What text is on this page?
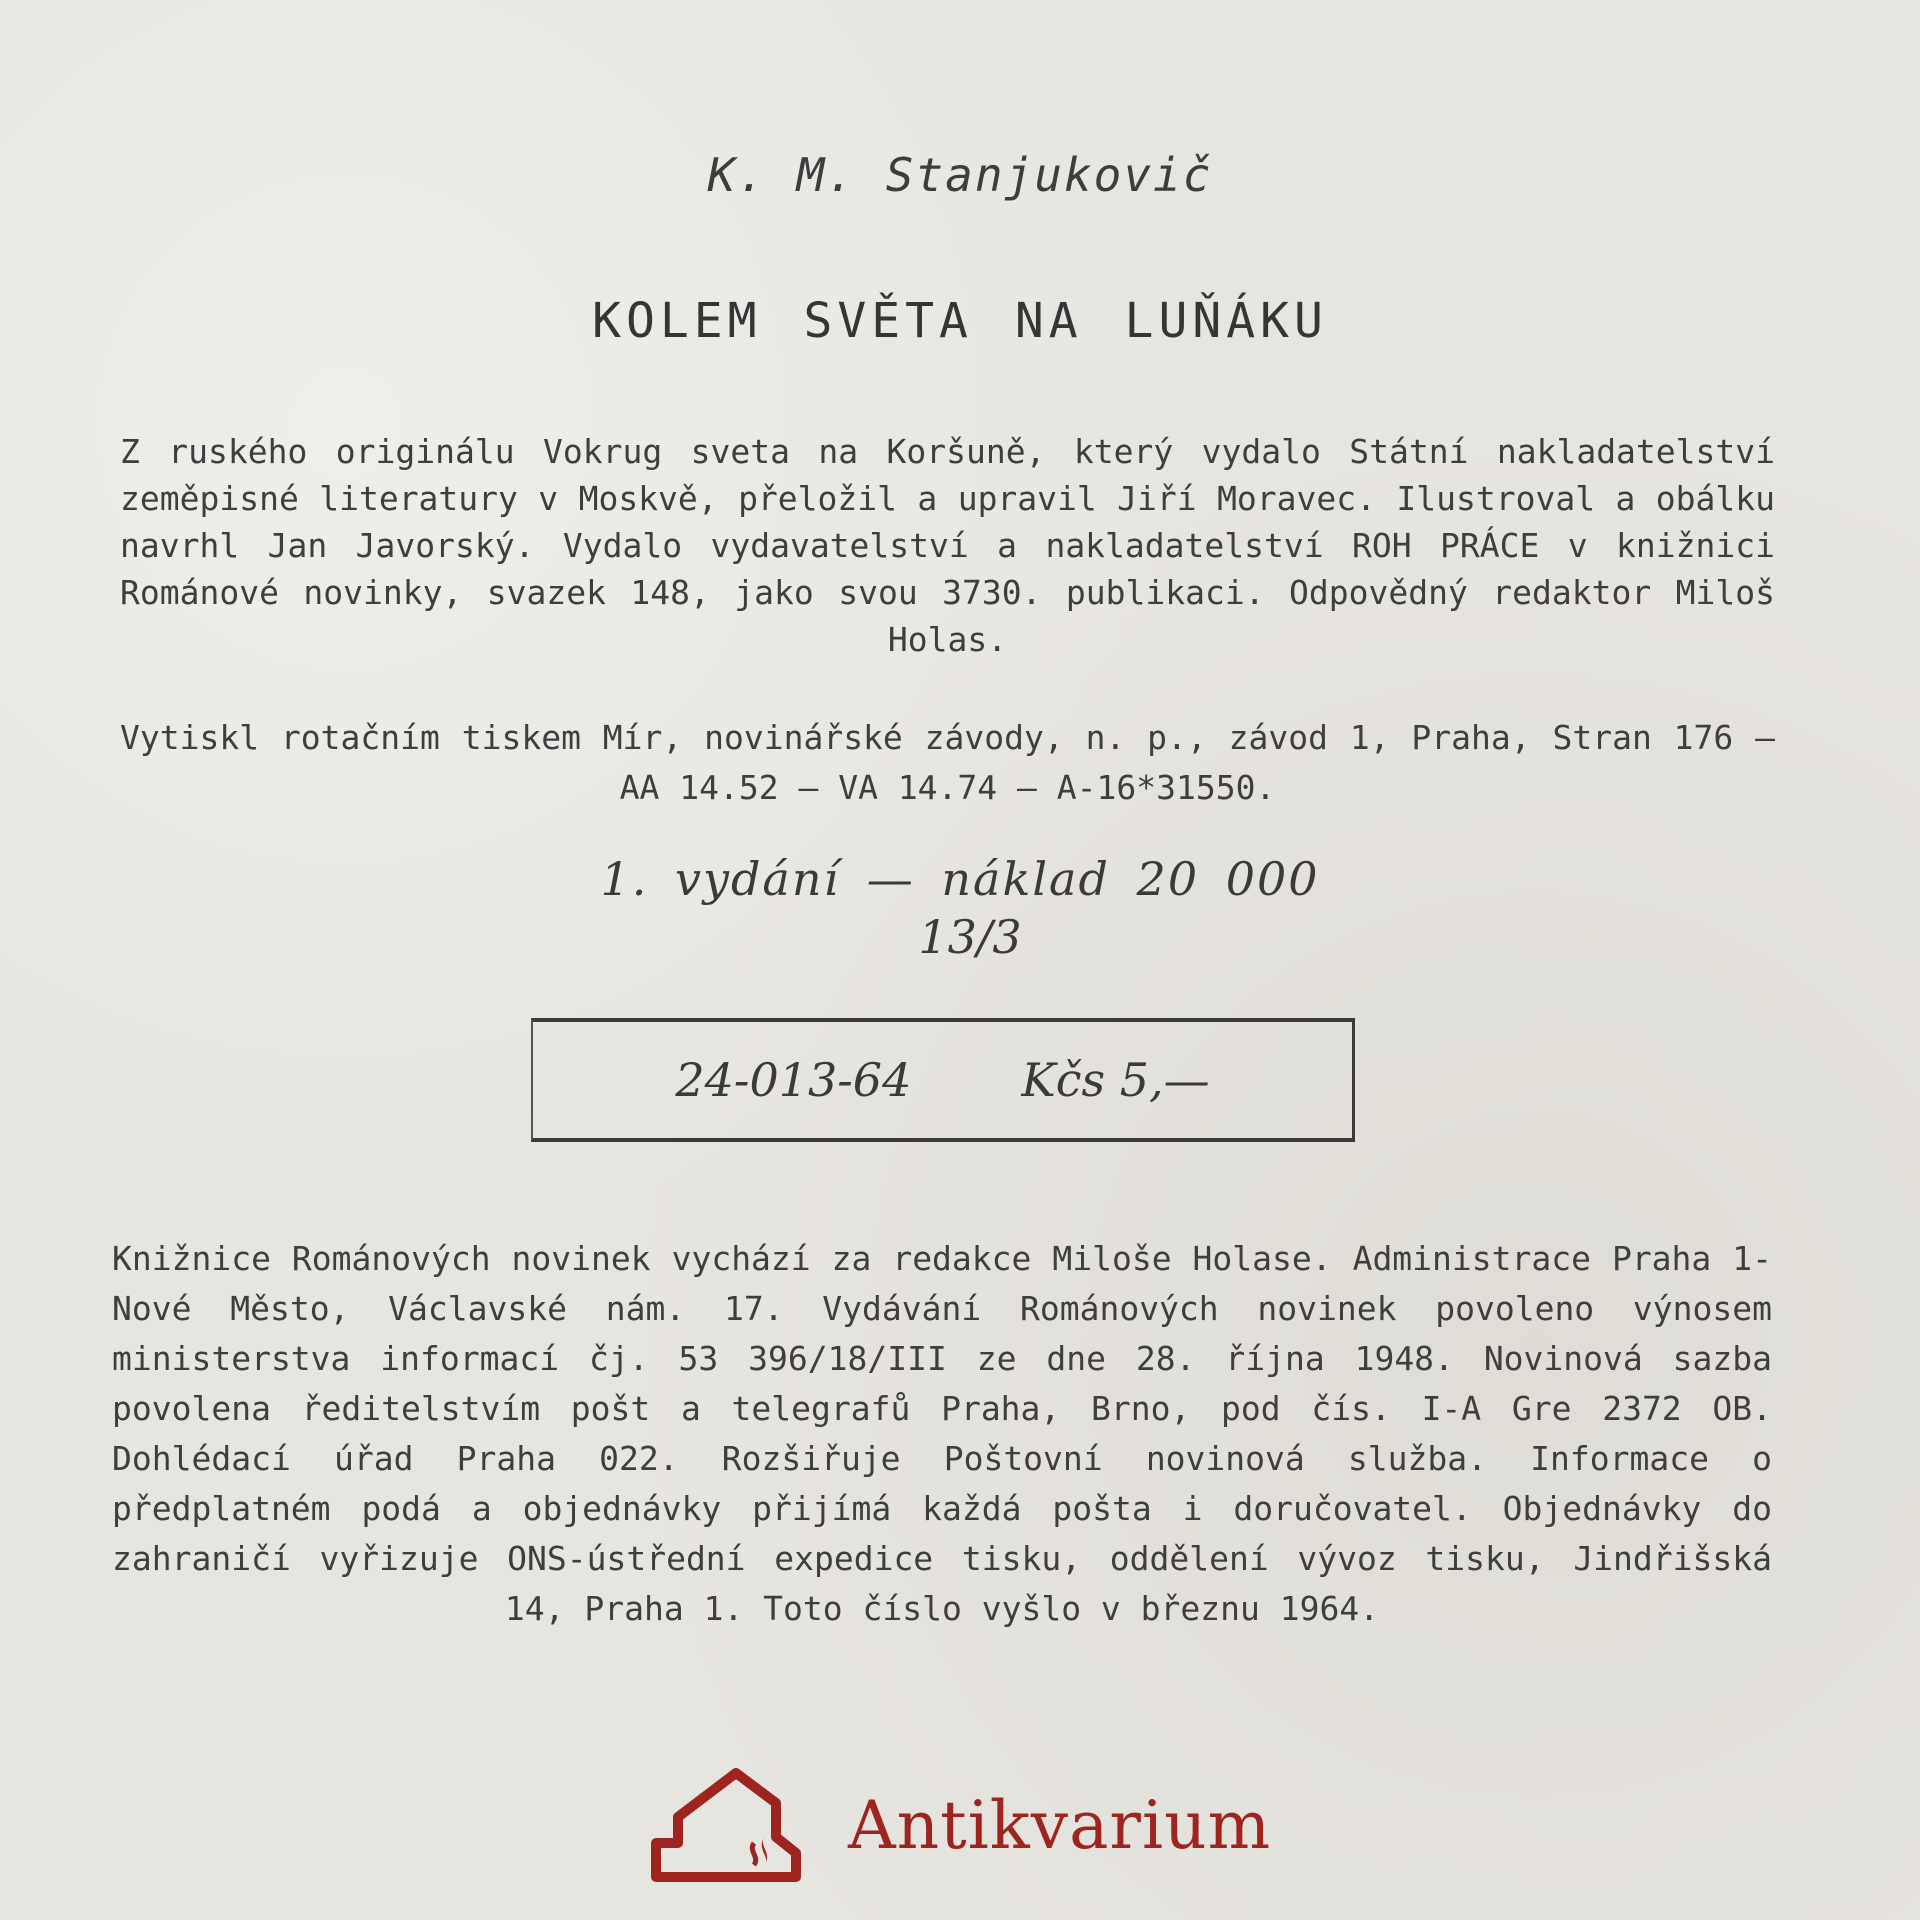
K. M. Stanjukovič
KOLEM SVĚTA NA LUŇÁKU

Z ruského originálu Vokrug sveta na Koršuně, který vydalo Státní nakladatelství zeměpisné literatury v Moskvě, přeložil a upravil Jiří Moravec. Ilustroval a obálku navrhl Jan Javorský. Vydalo vydavatelství a nakladatelství ROH PRÁCE v knižnici Románové novinky, svazek 148, jako svou 3730. publikaci. Odpovědný redaktor Miloš Holas.

Vytiskl rotačním tiskem Mír, novinářské závody, n. p., závod 1, Praha, Stran 176 — AA 14.52 — VA 14.74 — A-16*31550.

1. vydání — náklad 20 000
13/3
24-013-64 Kčs 5,—

Knižnice Románových novinek vychází za redakce Miloše Holase. Administrace Praha 1-Nové Město, Václavské nám. 17. Vydávání Románových novinek povoleno výnosem ministerstva informací čj. 53 396/18/III ze dne 28. října 1948. Novinová sazba povolena ředitelstvím pošt a telegrafů Praha, Brno, pod čís. I-A Gre 2372 OB. Dohlédací úřad Praha 022. Rozšiřuje Poštovní novinová služba. Informace o předplatném podá a objednávky přijímá každá pošta i doručovatel. Objednávky do zahraničí vyřizuje ONS-ústřední expedice tisku, oddělení vývoz tisku, Jindřišská 14, Praha 1. Toto číslo vyšlo v březnu 1964.

Antikvarium
